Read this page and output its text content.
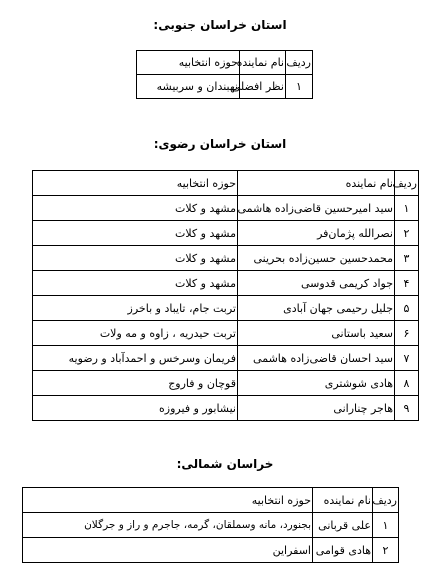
استان خراسان جنوبی:
ردیف	نام نماینده	حوزه انتخابیه
۱	نظر افضلی	نهبندان و سربیشه
استان خراسان رضوی:
ردیف	نام نماینده	حوزه انتخابیه
۱	سید امیرحسین قاضی‌زاده هاشمی	مشهد و کلات
۲	نصرالله پژمان‌فر	مشهد و کلات
۳	محمدحسین حسین‌زاده بحرینی	مشهد و کلات
۴	جواد کریمی قدوسی	مشهد و کلات
۵	جلیل رحیمی جهان آبادی	تربت جام، تایباد و باخرز
۶	سعید باستانی	تربت حیدریه ، زاوه و مه ولات
۷	سید احسان قاضی‌زاده هاشمی	فریمان وسرخس و احمدآباد و رضویه
۸	هادی شوشتری	قوچان و فاروج
۹	هاجر چنارانی	نیشابور و فیروزه
خراسان شمالی:
ردیف	نام نماینده	حوزه انتخابیه
۱	علی قربانی	بجنورد، مانه وسملقان، گرمه، جاجرم و راز و جرگلان
۲	هادی قوامی	اسفراین
